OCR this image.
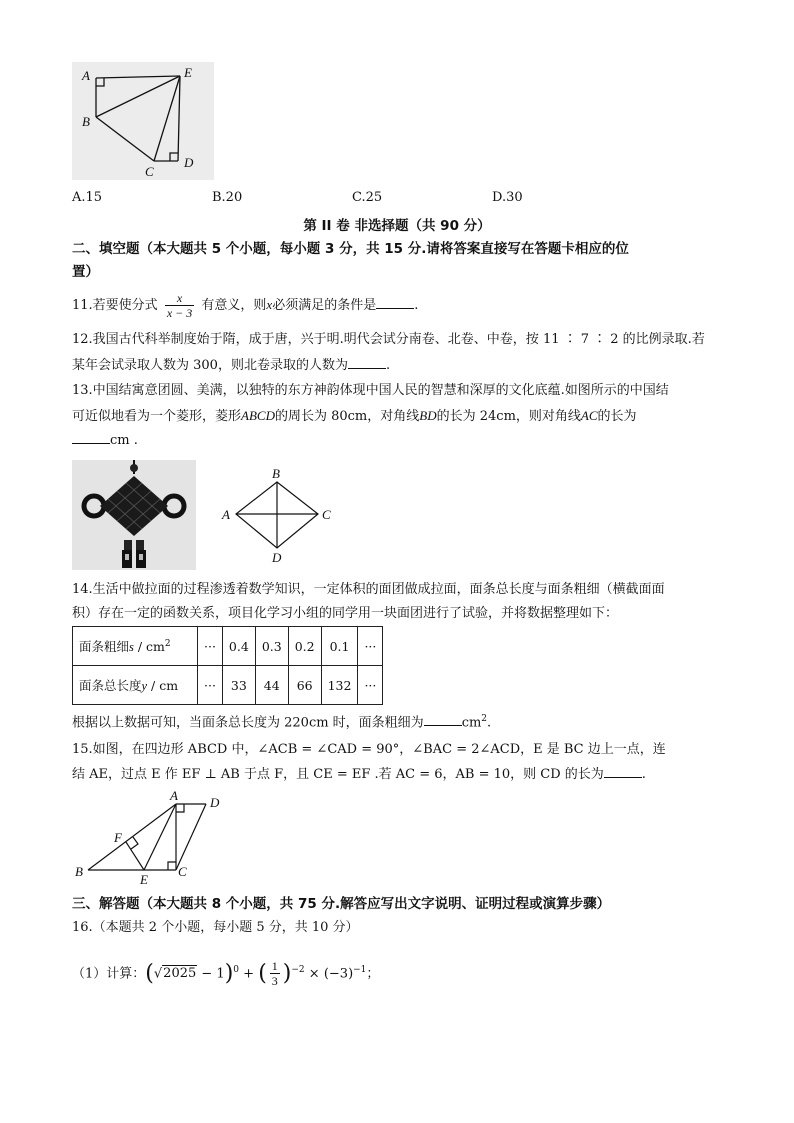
A	E
B
D
C
A.15	B.20	C.25	D.30
第 II 卷 非选择题（共 90 分）
二、填空题（本大题共 5 个小题，每小题 3 分，共 15 分.请将答案直接写在答题卡相应的位
置）
11.若要使分式 $\frac{x}{x - 3}$ 有意义，则x必须满足的条件是	.
12.我国古代科举制度始于隋，成于唐，兴于明.明代会试分南卷、北卷、中卷，按 11 ∶ 7 ∶ 2 的比例录取.若
某年会试录取人数为 300，则北卷录取的人数为	.
13.中国结寓意团圆、美满，以独特的东方神韵体现中国人民的智慧和深厚的文化底蕴.如图所示的中国结
可近似地看为一个菱形，菱形ABCD的周长为 80cm，对角线BD的长为 24cm，则对角线AC的长为
cm .
B
A	C
D
14.生活中做拉面的过程渗透着数学知识，一定体积的面团做成拉面，面条总长度与面条粗细（横截面面
积）存在一定的函数关系，项目化学习小组的同学用一块面团进行了试验，并将数据整理如下：
面条粗细s / $cm^2$	···	0.4	0.3	0.2	0.1	···
面条总长度y / cm	···	33	44	66	132	···
根据以上数据可知，当面条总长度为 220cm 时，面条粗细为	$cm^2$.
15.如图，在四边形 ABCD 中，∠ACB = ∠CAD = 90°，∠BAC = 2∠ACD，E 是 BC 边上一点，连
结 AE，过点 E 作 EF ⊥ AB 于点 F，且 CE = EF .若 AC = 6，AB = 10，则 CD 的长为	.
A D
F
B
E
C
三、解答题（本大题共 8 个小题，共 75 分.解答应写出文字说明、证明过程或演算步骤）
16.（本题共 2 个小题，每小题 5 分，共 10 分）
（1）计算：$(√2025 - 1)^0$ + ( $\frac{1}{3} )^{-2} \times (-3)^{-1}$；
